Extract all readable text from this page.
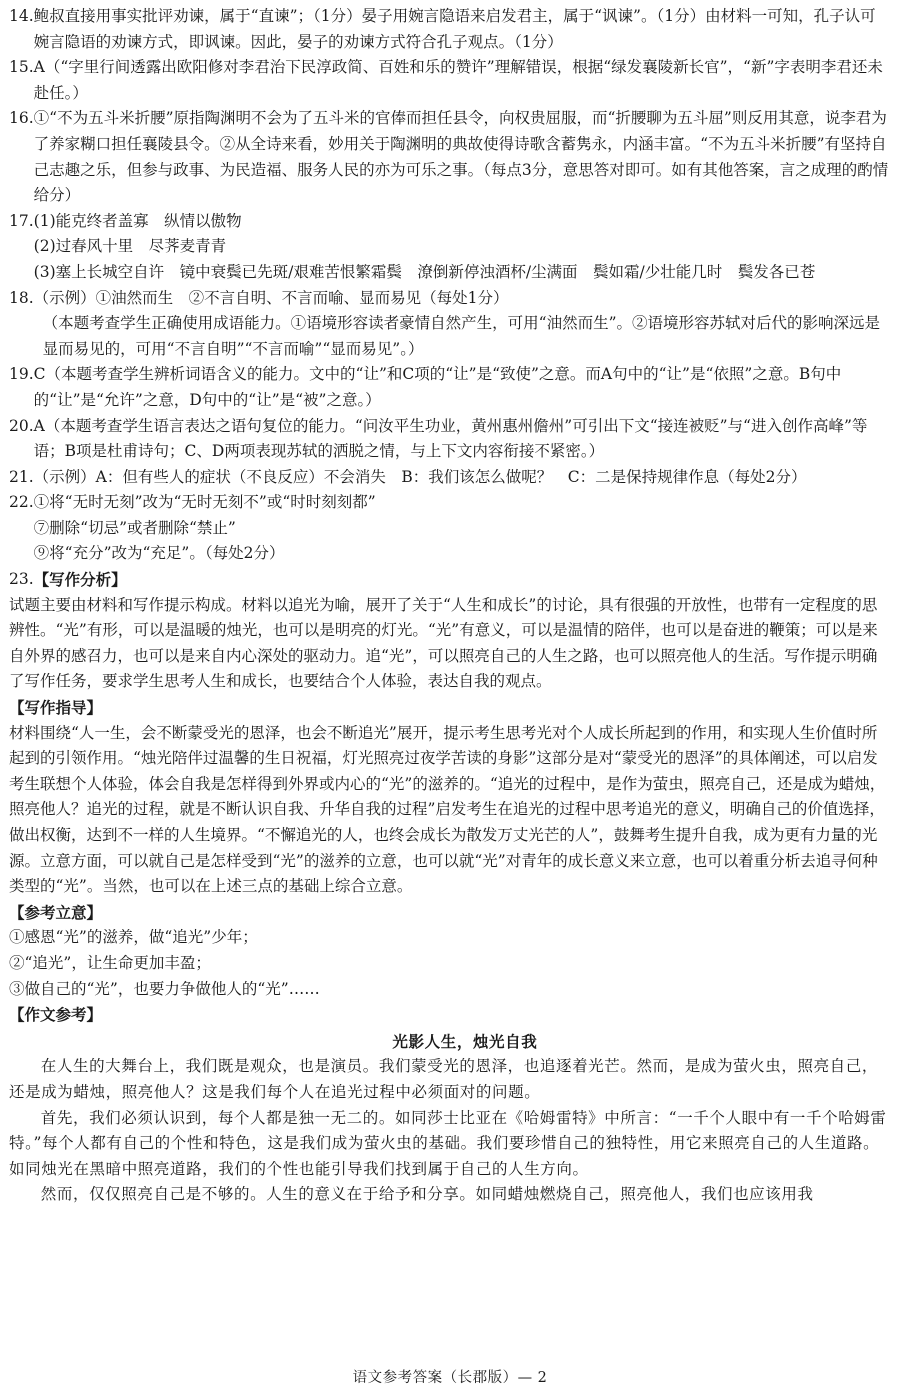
14. 鲍叔直接用事实批评劝谏，属于“直谏”；（1分）晏子用婉言隐语来启发君主，属于“讽谏”。（1分）由材料一可知，孔子认可婉言隐语的劝谏方式，即讽谏。因此，晏子的劝谏方式符合孔子观点。（1分）

15. A（“字里行间透露出欧阳修对李君治下民淳政简、百姓和乐的赞许”理解错误，根据“绿发襄陵新长官”，“新”字表明李君还未赴任。）

16. ①“不为五斗米折腰”原指陶渊明不会为了五斗米的官俸而担任县令，向权贵屈服，而“折腰聊为五斗屈”则反用其意，说李君为了养家糊口担任襄陵县令。②从全诗来看，妙用关于陶渊明的典故使得诗歌含蓄隽永，内涵丰富。“不为五斗米折腰”有坚持自己志趣之乐，但参与政事、为民造福、服务人民的亦为可乐之事。（每点3分，意思答对即可。如有其他答案，言之成理的酌情给分）

17. (1)能克终者盖寡　纵情以傲物

(2)过春风十里　尽荠麦青青

(3)塞上长城空自许　镜中衰鬓已先斑/艰难苦恨繁霜鬓　潦倒新停浊酒杯/尘满面　鬓如霜/少壮能几时　鬓发各已苍

18. （示例）①油然而生　②不言自明、不言而喻、显而易见（每处1分）

（本题考查学生正确使用成语能力。①语境形容读者豪情自然产生，可用“油然而生”。②语境形容苏轼对后代的影响深远是显而易见的，可用“不言自明”“不言而喻”“显而易见”。）

19. C（本题考查学生辨析词语含义的能力。文中的“让”和C项的“让”是“致使”之意。而A句中的“让”是“依照”之意。B句中的“让”是“允许”之意，D句中的“让”是“被”之意。）

20. A（本题考查学生语言表达之语句复位的能力。“问汝平生功业，黄州惠州儋州”可引出下文“接连被贬”与“进入创作高峰”等语；B项是杜甫诗句；C、D两项表现苏轼的洒脱之情，与上下文内容衔接不紧密。）

21. （示例）A：但有些人的症状（不良反应）不会消失　B：我们该怎么做呢？　C：二是保持规律作息（每处2分）

22. ①将“无时无刻”改为“无时无刻不”或“时时刻刻都”

⑦删除“切忌”或者删除“禁止”

⑨将“充分”改为“充足”。（每处2分）

23. 【写作分析】

试题主要由材料和写作提示构成。材料以追光为喻，展开了关于“人生和成长”的讨论，具有很强的开放性，也带有一定程度的思辨性。“光”有形，可以是温暖的烛光，也可以是明亮的灯光。“光”有意义，可以是温情的陪伴，也可以是奋进的鞭策；可以是来自外界的感召力，也可以是来自内心深处的驱动力。追“光”，可以照亮自己的人生之路，也可以照亮他人的生活。写作提示明确了写作任务，要求学生思考人生和成长，也要结合个人体验，表达自我的观点。

【写作指导】

材料围绕“人一生，会不断蒙受光的恩泽，也会不断追光”展开，提示考生思考光对个人成长所起到的作用，和实现人生价值时所起到的引领作用。“烛光陪伴过温馨的生日祝福，灯光照亮过夜学苦读的身影”这部分是对“蒙受光的恩泽”的具体阐述，可以启发考生联想个人体验，体会自我是怎样得到外界或内心的“光”的滋养的。“追光的过程中，是作为萤虫，照亮自己，还是成为蜡烛，照亮他人？追光的过程，就是不断认识自我、升华自我的过程”启发考生在追光的过程中思考追光的意义，明确自己的价值选择，做出权衡，达到不一样的人生境界。“不懈追光的人，也终会成长为散发万丈光芒的人”，鼓舞考生提升自我，成为更有力量的光源。立意方面，可以就自己是怎样受到“光”的滋养的立意，也可以就“光”对青年的成长意义来立意，也可以着重分析去追寻何种类型的“光”。当然，也可以在上述三点的基础上综合立意。

【参考立意】

①感恩“光”的滋养，做“追光”少年；

②“追光”，让生命更加丰盈；

③做自己的“光”，也要力争做他人的“光”……

【作文参考】

光影人生，烛光自我

在人生的大舞台上，我们既是观众，也是演员。我们蒙受光的恩泽，也追逐着光芒。然而，是成为萤火虫，照亮自己，还是成为蜡烛，照亮他人？这是我们每个人在追光过程中必须面对的问题。

首先，我们必须认识到，每个人都是独一无二的。如同莎士比亚在《哈姆雷特》中所言：“一千个人眼中有一千个哈姆雷特。”每个人都有自己的个性和特色，这是我们成为萤火虫的基础。我们要珍惜自己的独特性，用它来照亮自己的人生道路。如同烛光在黑暗中照亮道路，我们的个性也能引导我们找到属于自己的人生方向。

然而，仅仅照亮自己是不够的。人生的意义在于给予和分享。如同蜡烛燃烧自己，照亮他人，我们也应该用我

语文参考答案（长郡版）— 2
